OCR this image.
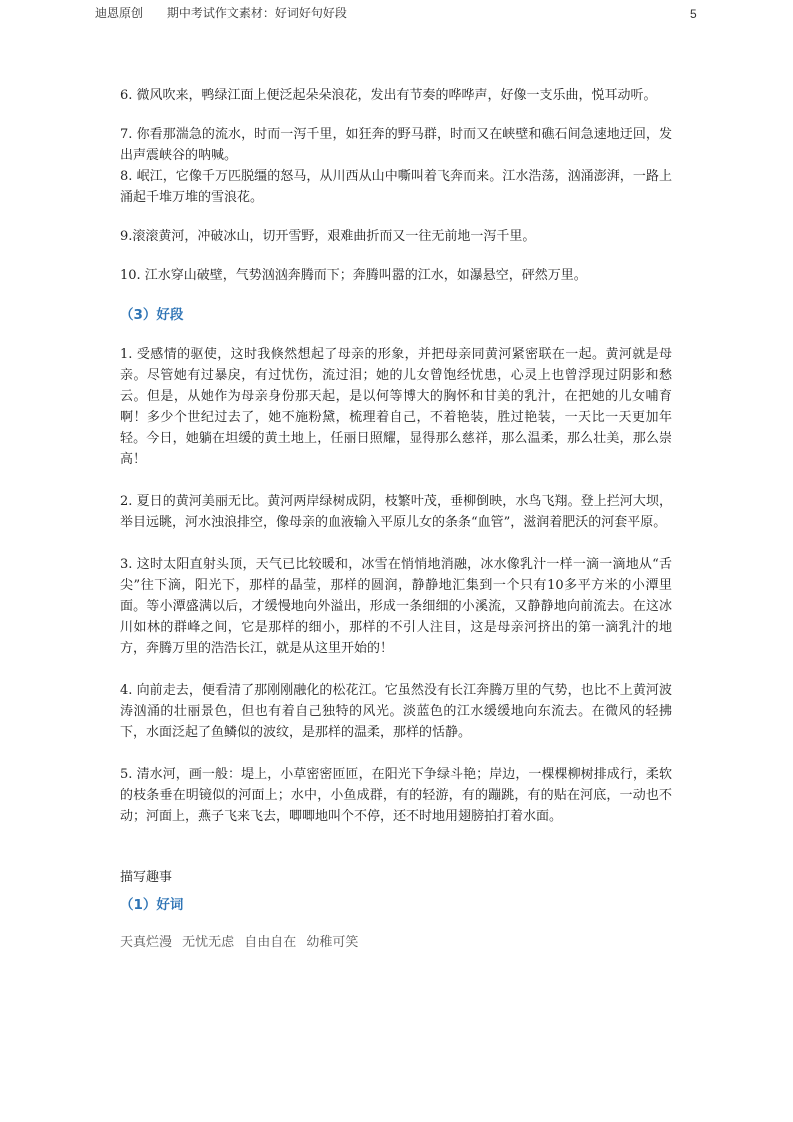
迪恩原创 期中考试作文素材：好词好句好段	5

6. 微风吹来，鸭绿江面上便泛起朵朵浪花，发出有节奏的哗哗声，好像一支乐曲，悦耳动听。

7. 你看那湍急的流水，时而一泻千里，如狂奔的野马群，时而又在峡壁和礁石间急速地迂回，发出声震峡谷的呐喊。

8. 岷江，它像千万匹脱缰的怒马，从川西从山中嘶叫着飞奔而来。江水浩荡，汹涌澎湃，一路上涌起千堆万堆的雪浪花。

9.滚滚黄河，冲破冰山，切开雪野，艰难曲折而又一往无前地一泻千里。

10. 江水穿山破壁，气势汹汹奔腾而下；奔腾叫嚣的江水，如瀑悬空，砰然万里。

（3）好段

1. 受感情的驱使，这时我倏然想起了母亲的形象，并把母亲同黄河紧密联在一起。黄河就是母亲。尽管她有过暴戾，有过忧伤，流过泪；她的儿女曾饱经忧患，心灵上也曾浮现过阴影和愁云。但是，从她作为母亲身份那天起，是以何等博大的胸怀和甘美的乳汁，在把她的儿女哺育啊！多少个世纪过去了，她不施粉黛，梳理着自己，不着艳装，胜过艳装，一天比一天更加年轻。今日，她躺在坦缓的黄土地上，任丽日照耀，显得那么慈祥，那么温柔，那么壮美，那么崇高！

2. 夏日的黄河美丽无比。黄河两岸绿树成阴，枝繁叶茂，垂柳倒映，水鸟飞翔。登上拦河大坝，举目远眺，河水浊浪排空，像母亲的血液输入平原儿女的条条“血管”，滋润着肥沃的河套平原。

3. 这时太阳直射头顶，天气已比较暖和，冰雪在悄悄地消融，冰水像乳汁一样一滴一滴地从“舌尖”往下滴，阳光下，那样的晶莹，那样的圆润，静静地汇集到一个只有10多平方米的小潭里面。等小潭盛满以后，才缓慢地向外溢出，形成一条细细的小溪流，又静静地向前流去。在这冰川如林的群峰之间，它是那样的细小，那样的不引人注目，这是母亲河挤出的第一滴乳汁的地方，奔腾万里的浩浩长江，就是从这里开始的！

4. 向前走去，便看清了那刚刚融化的松花江。它虽然没有长江奔腾万里的气势，也比不上黄河波涛汹涌的壮丽景色，但也有着自己独特的风光。淡蓝色的江水缓缓地向东流去。在微风的轻拂下，水面泛起了鱼鳞似的波纹，是那样的温柔，那样的恬静。

5. 清水河，画一般：堤上，小草密密匝匝，在阳光下争绿斗艳；岸边，一棵棵柳树排成行，柔软的枝条垂在明镜似的河面上；水中，小鱼成群，有的轻游，有的蹦跳，有的贴在河底，一动也不动；河面上，燕子飞来飞去，唧唧地叫个不停，还不时地用翅膀拍打着水面。

描写趣事

（1）好词

天真烂漫 无忧无虑 自由自在 幼稚可笑
